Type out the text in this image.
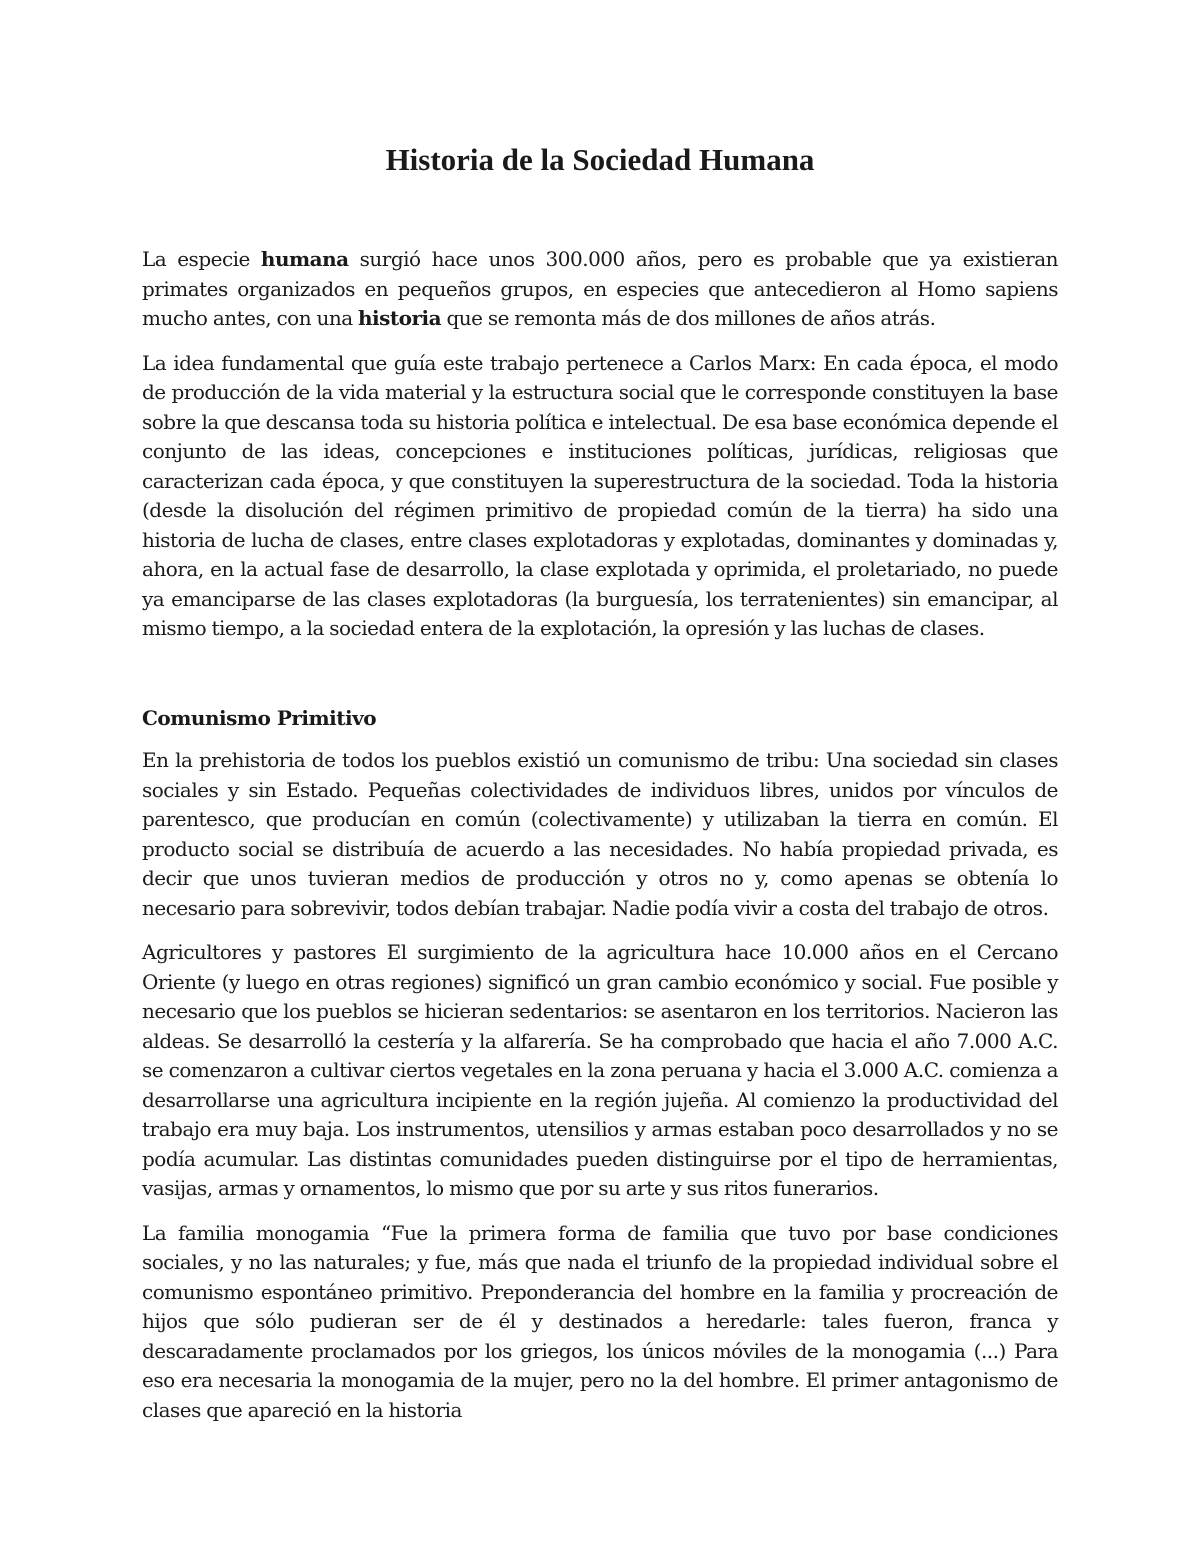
Historia de la Sociedad Humana

La especie humana surgió hace unos 300.000 años, pero es probable que ya existieran primates organizados en pequeños grupos, en especies que antecedieron al Homo sapiens mucho antes, con una historia que se remonta más de dos millones de años atrás.

La idea fundamental que guía este trabajo pertenece a Carlos Marx: En cada época, el modo de producción de la vida material y la estructura social que le corresponde constituyen la base sobre la que descansa toda su historia política e intelectual. De esa base económica depende el conjunto de las ideas, concepciones e instituciones políticas, jurídicas, religiosas que caracterizan cada época, y que constituyen la superestructura de la sociedad. Toda la historia (desde la disolución del régimen primitivo de propiedad común de la tierra) ha sido una historia de lucha de clases, entre clases explotadoras y explotadas, dominantes y dominadas y, ahora, en la actual fase de desarrollo, la clase explotada y oprimida, el proletariado, no puede ya emanciparse de las clases explotadoras (la burguesía, los terratenientes) sin emancipar, al mismo tiempo, a la sociedad entera de la explotación, la opresión y las luchas de clases.

Comunismo Primitivo

En la prehistoria de todos los pueblos existió un comunismo de tribu: Una sociedad sin clases sociales y sin Estado. Pequeñas colectividades de individuos libres, unidos por vínculos de parentesco, que producían en común (colectivamente) y utilizaban la tierra en común. El producto social se distribuía de acuerdo a las necesidades. No había propiedad privada, es decir que unos tuvieran medios de producción y otros no y, como apenas se obtenía lo necesario para sobrevivir, todos debían trabajar. Nadie podía vivir a costa del trabajo de otros.

Agricultores y pastores El surgimiento de la agricultura hace 10.000 años en el Cercano Oriente (y luego en otras regiones) significó un gran cambio económico y social. Fue posible y necesario que los pueblos se hicieran sedentarios: se asentaron en los territorios. Nacieron las aldeas. Se desarrolló la cestería y la alfarería. Se ha comprobado que hacia el año 7.000 A.C. se comenzaron a cultivar ciertos vegetales en la zona peruana y hacia el 3.000 A.C. comienza a desarrollarse una agricultura incipiente en la región jujeña. Al comienzo la productividad del trabajo era muy baja. Los instrumentos, utensilios y armas estaban poco desarrollados y no se podía acumular. Las distintas comunidades pueden distinguirse por el tipo de herramientas, vasijas, armas y ornamentos, lo mismo que por su arte y sus ritos funerarios.

La familia monogamia “Fue la primera forma de familia que tuvo por base condiciones sociales, y no las naturales; y fue, más que nada el triunfo de la propiedad individual sobre el comunismo espontáneo primitivo. Preponderancia del hombre en la familia y procreación de hijos que sólo pudieran ser de él y destinados a heredarle: tales fueron, franca y descaradamente proclamados por los griegos, los únicos móviles de la monogamia (...) Para eso era necesaria la monogamia de la mujer, pero no la del hombre. El primer antagonismo de clases que apareció en la historia
